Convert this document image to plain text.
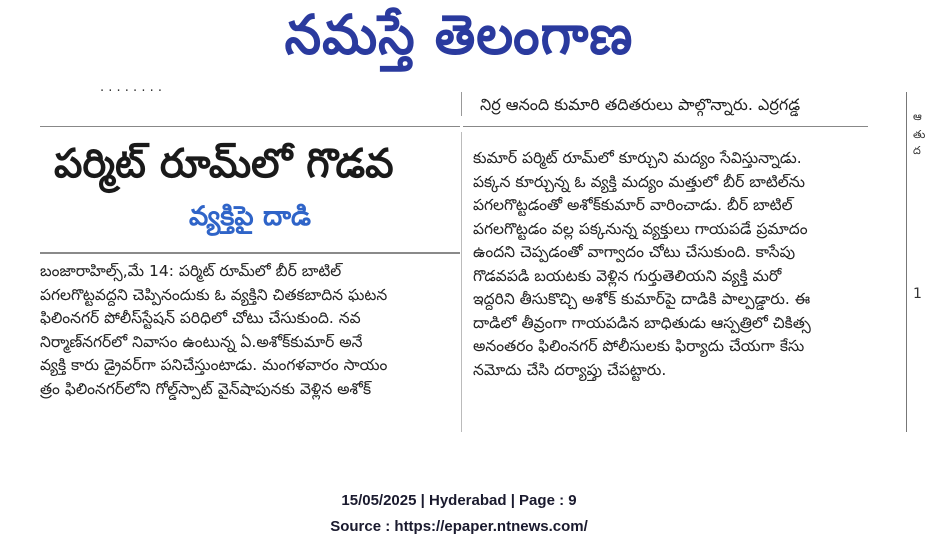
నమస్తే తెలంగాణ
· · · · · · · ·
నిర్ర ఆనంది కుమారి తదితరులు పాల్గొన్నారు. ఎర్రగడ్డ
ఆ
తు
ద
1
పర్మిట్ రూమ్‌లో గొడవ
వ్యక్తిపై దాడి

బంజారాహిల్స్,మే 14: పర్మిట్ రూమ్‌లో బీర్ బాటిల్

పగలగొట్టవద్దని చెప్పినందుకు ఓ వ్యక్తిని చితకబాదిన ఘటన

ఫిలింనగర్ పోలీస్‌స్టేషన్ పరిధిలో చోటు చేసుకుంది. నవ

నిర్మాణ్‌నగర్‌లో నివాసం ఉంటున్న ఏ.అశోక్‌కుమార్ అనే

వ్యక్తి కారు డ్రైవర్‌గా పనిచేస్తుంటాడు. మంగళవారం సాయం

త్రం ఫిలింనగర్‌లోని గోల్డ్‌స్పాట్ వైన్‌షాపునకు వెళ్లిన అశోక్

కుమార్ పర్మిట్ రూమ్‌లో కూర్చుని మద్యం సేవిస్తున్నాడు.

పక్కన కూర్చున్న ఓ వ్యక్తి మద్యం మత్తులో బీర్ బాటిల్‌ను

పగలగొట్టడంతో అశోక్‌కుమార్ వారించాడు. బీర్ బాటిల్

పగలగొట్టడం వల్ల పక్కనున్న వ్యక్తులు గాయపడే ప్రమాదం

ఉందని చెప్పడంతో వాగ్వాదం చోటు చేసుకుంది. కాసేపు

గొడవపడి బయటకు వెళ్లిన గుర్తుతెలియని వ్యక్తి మరో

ఇద్దరిని తీసుకొచ్చి అశోక్ కుమార్‌పై దాడికి పాల్పడ్డారు. ఈ

దాడిలో తీవ్రంగా గాయపడిన బాధితుడు ఆస్పత్రిలో చికిత్స

అనంతరం ఫిలింనగర్ పోలీసులకు ఫిర్యాదు చేయగా కేసు

నమోదు చేసి దర్యాప్తు చేపట్టారు.

15/05/2025 | Hyderabad | Page : 9
Source : https://epaper.ntnews.com/
